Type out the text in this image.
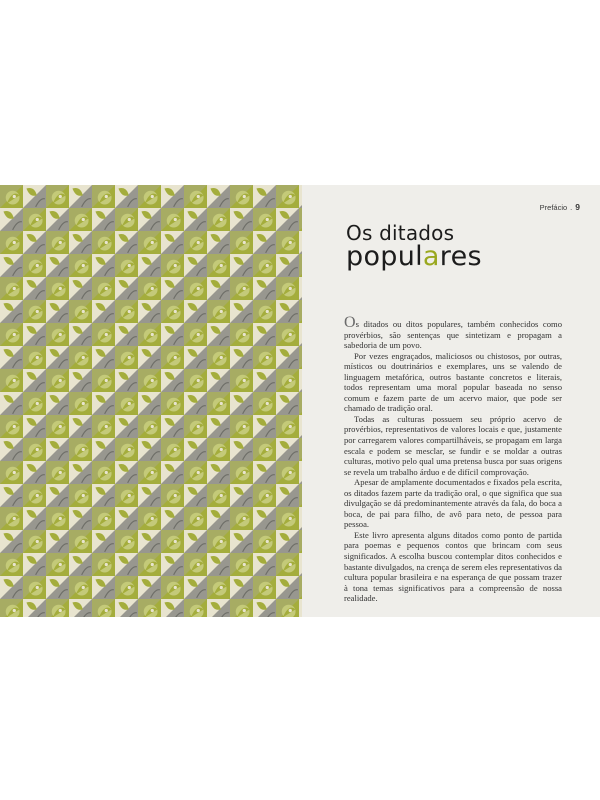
Prefácio . 9
Os ditados
populares

Os ditados ou ditos populares, também conhecidos como provérbios, são sentenças que sintetizam e propagam a sabedoria de um povo.

Por vezes engraçados, maliciosos ou chistosos, por outras, místicos ou doutrinários e exemplares, uns se valendo de linguagem metafórica, outros bastante concretos e literais, todos representam uma moral popular baseada no senso comum e fazem parte de um acervo maior, que pode ser chamado de tradição oral.

Todas as culturas possuem seu próprio acervo de provérbios, representativos de valores locais e que, justamente por carregarem valores compartilháveis, se propagam em larga escala e podem se mesclar, se fundir e se moldar a outras culturas, motivo pelo qual uma pretensa busca por suas origens se revela um trabalho árduo e de difícil comprovação.

Apesar de amplamente documentados e fixados pela escrita, os ditados fazem parte da tradição oral, o que significa que sua divulgação se dá predominantemente através da fala, do boca a boca, de pai para filho, de avô para neto, de pessoa para pessoa.

Este livro apresenta alguns ditados como ponto de partida para poemas e pequenos contos que brincam com seus significados. A escolha buscou contemplar ditos conhecidos e bastante divulgados, na crença de serem eles representativos da cultura popular brasileira e na esperança de que possam trazer à tona temas significativos para a compreensão de nossa realidade.
